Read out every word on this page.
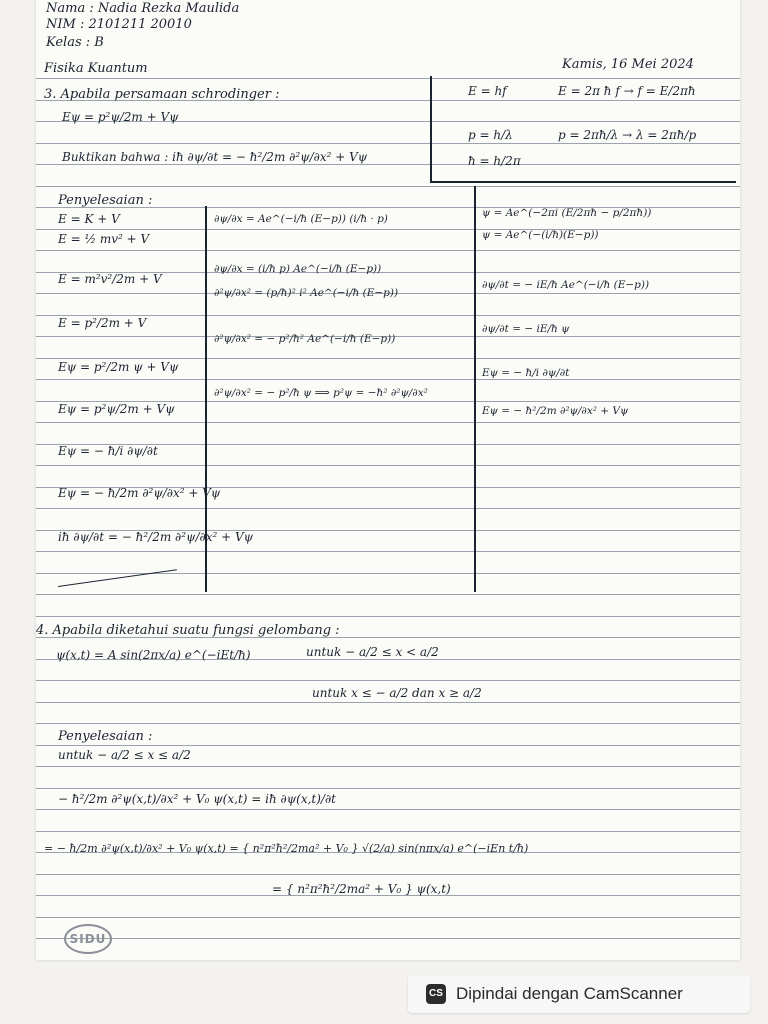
Nama : Nadia Rezka Maulida
NIM : 2101211 20010
Kelas : B
Fisika Kuantum	Kamis, 16 Mei 2024
3. Apabila persamaan schrodinger :
Eψ = p²ψ/2m + Vψ
Buktikan bahwa : iħ ∂ψ/∂t = − ħ²/2m ∂²ψ/∂x² + Vψ
E = hf	E = 2π ħ f → f = E/2πħ
p = h/λ	p = 2πħ/λ → λ = 2πħ/p
ħ = h/2π
Penyelesaian :
E = K + V
E = ½ mv² + V
E = m²v²/2m + V
E = p²/2m + V
Eψ = p²/2m ψ + Vψ
Eψ = p²ψ/2m + Vψ
Eψ = − ħ/i ∂ψ/∂t
Eψ = − ħ/2m ∂²ψ/∂x² + Vψ
iħ ∂ψ/∂t = − ħ²/2m ∂²ψ/∂x² + Vψ
∂ψ/∂x = Ae^(−i/ħ (E−p)) (i/ħ · p)
∂ψ/∂x = (i/ħ p) Ae^(−i/ħ (E−p))
∂²ψ/∂x² = (p/ħ)² i² Ae^(−i/ħ (E−p))
∂²ψ/∂x² = − p²/ħ² Ae^(−i/ħ (E−p))
∂²ψ/∂x² = − p²/ħ ψ ⟹ p²ψ = −ħ² ∂²ψ/∂x²
ψ = Ae^(−2πi (E/2πħ − p/2πħ))
ψ = Ae^(−(i/ħ)(E−p))
∂ψ/∂t = − iE/ħ Ae^(−i/ħ (E−p))
∂ψ/∂t = − iE/ħ ψ
Eψ = − ħ/i ∂ψ/∂t
Eψ = − ħ²/2m ∂²ψ/∂x² + Vψ
4. Apabila diketahui suatu fungsi gelombang :
ψ(x,t) = A sin(2πx/a) e^(−iEt/ħ)	untuk − a/2 ≤ x < a/2
untuk x ≤ − a/2 dan x ≥ a/2
Penyelesaian :
untuk − a/2 ≤ x ≤ a/2
− ħ²/2m ∂²ψ(x,t)/∂x² + V₀ ψ(x,t) = iħ ∂ψ(x,t)/∂t
= − ħ/2m ∂²ψ(x,t)/∂x² + V₀ ψ(x,t) = { n²π²ħ²/2ma² + V₀ } √(2/a) sin(nπx/a) e^(−iEn t/ħ)
= { n²π²ħ²/2ma² + V₀ } ψ(x,t)
SIDU
CS Dipindai dengan CamScanner
